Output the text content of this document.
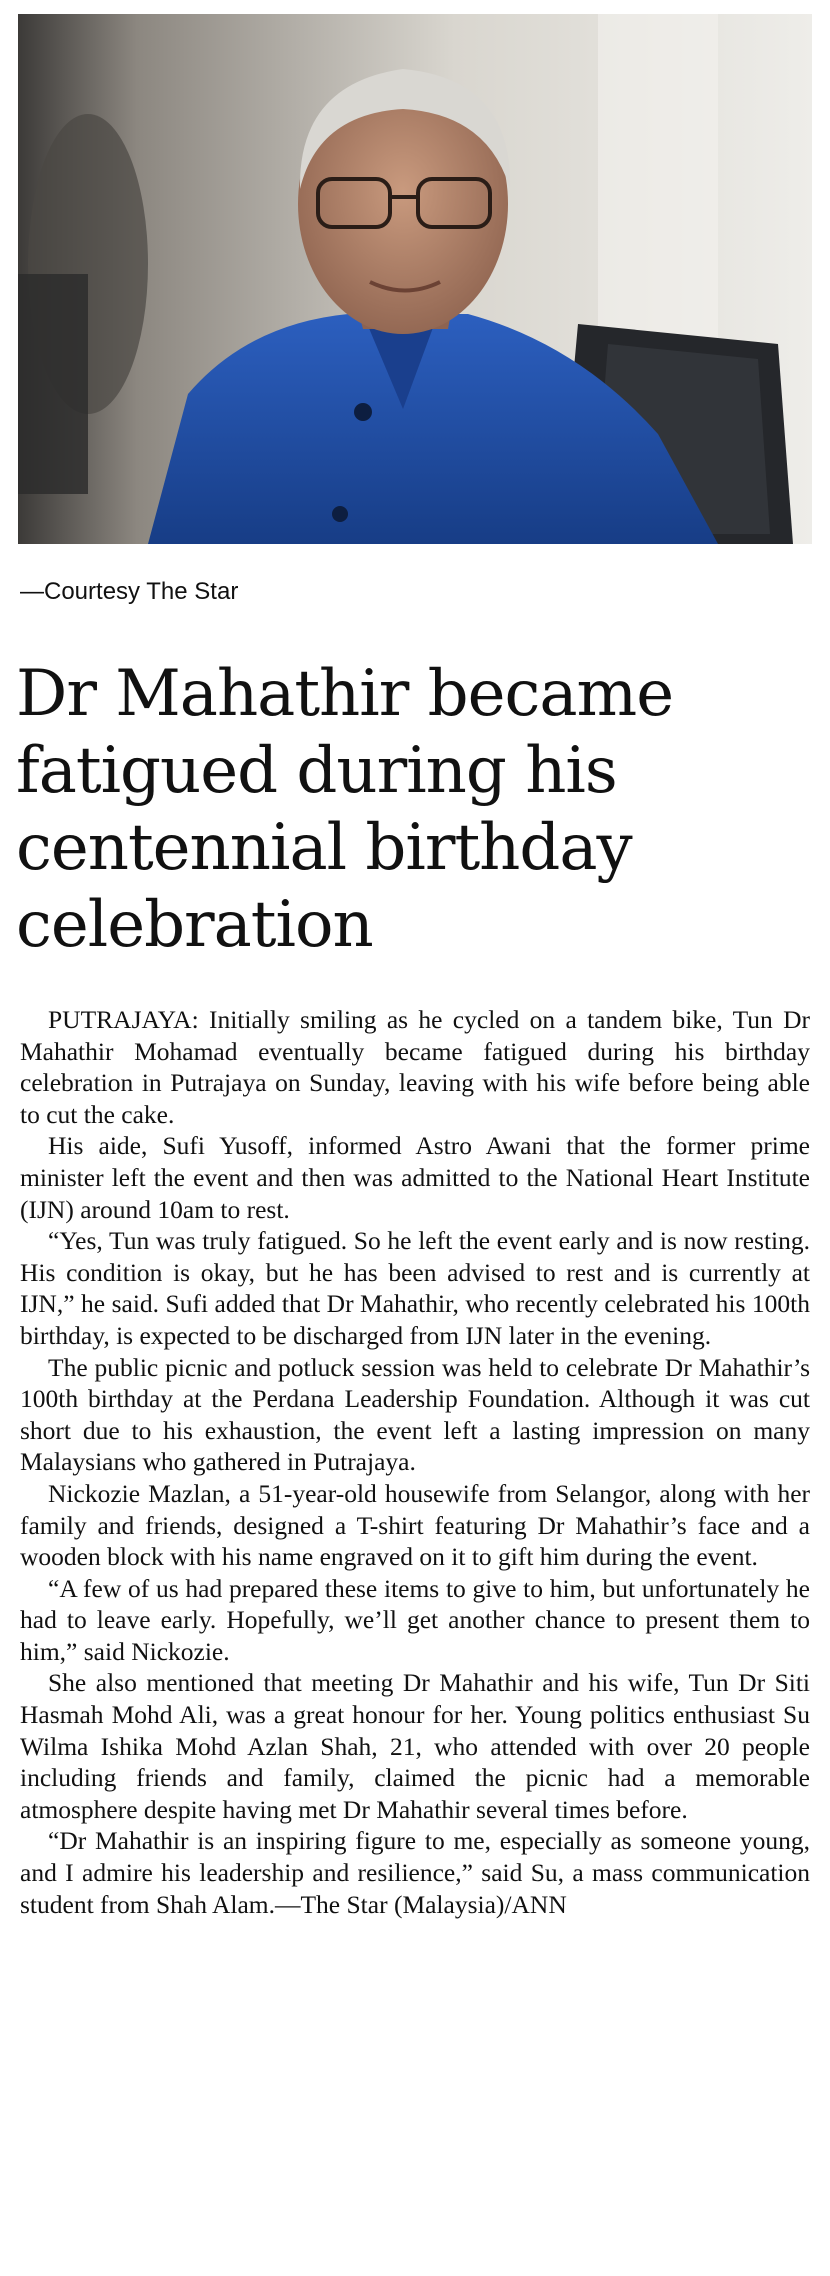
—Courtesy The Star
Dr Mahathir became fatigued during his centennial birthday celebration

PUTRAJAYA: Initially smiling as he cycled on a tandem bike, Tun Dr Mahathir Mohamad eventually became fatigued during his birthday celebration in Putrajaya on Sunday, leaving with his wife before being able to cut the cake.

His aide, Sufi Yusoff, informed Astro Awani that the former prime minister left the event and then was admitted to the National Heart Institute (IJN) around 10am to rest.

“Yes, Tun was truly fatigued. So he left the event early and is now resting. His condition is okay, but he has been advised to rest and is currently at IJN,” he said. Sufi added that Dr Mahathir, who recently celebrated his 100th birthday, is expected to be discharged from IJN later in the evening.

The public picnic and potluck session was held to celebrate Dr Mahathir’s 100th birthday at the Perdana Leadership Foundation. Although it was cut short due to his exhaustion, the event left a lasting impression on many Malaysians who gathered in Putrajaya.

Nickozie Mazlan, a 51-year-old housewife from Selangor, along with her family and friends, designed a T-shirt featuring Dr Mahathir’s face and a wooden block with his name engraved on it to gift him during the event.

“A few of us had prepared these items to give to him, but unfortunately he had to leave early. Hopefully, we’ll get another chance to present them to him,” said Nickozie.

She also mentioned that meeting Dr Mahathir and his wife, Tun Dr Siti Hasmah Mohd Ali, was a great honour for her. Young politics enthusiast Su Wilma Ishika Mohd Azlan Shah, 21, who attended with over 20 people including friends and family, claimed the picnic had a memorable atmosphere despite having met Dr Mahathir several times before.

“Dr Mahathir is an inspiring figure to me, especially as someone young, and I admire his leadership and resilience,” said Su, a mass communication student from Shah Alam.—The Star (Malaysia)/ANN
